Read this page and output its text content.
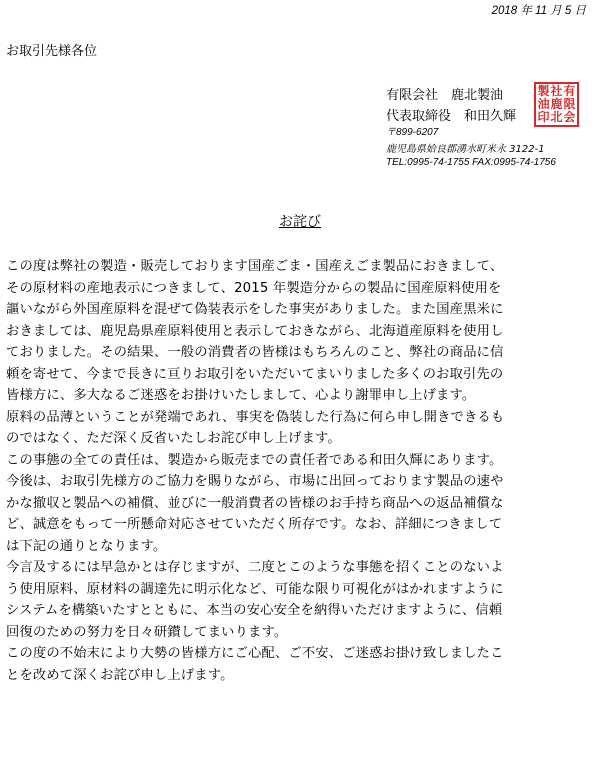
2018 年 11 月 5 日
お取引先様各位
有限会社　鹿北製油
代表取締役　和田久輝
〒899-6207
鹿児島県姶良郡湧水町米永 3122-1
TEL:0995-74-1755 FAX:0995-74-1756
製
油
印
社
鹿
北
有
限
会
お詫び
この度は弊社の製造・販売しております国産ごま・国産えごま製品におきまして、
その原材料の産地表示につきまして、2015 年製造分からの製品に国産原料使用を
謳いながら外国産原料を混ぜて偽装表示をした事実がありました。また国産黒米に
おきましては、鹿児島県産原料使用と表示しておきながら、北海道産原料を使用し
ておりました。その結果、一般の消費者の皆様はもちろんのこと、弊社の商品に信
頼を寄せて、今まで長きに亘りお取引をいただいてまいりました多くのお取引先の
皆様方に、多大なるご迷惑をお掛けいたしまして、心より謝罪申し上げます。
原料の品薄ということが発端であれ、事実を偽装した行為に何ら申し開きできるも
のではなく、ただ深く反省いたしお詫び申し上げます。
この事態の全ての責任は、製造から販売までの責任者である和田久輝にあります。
今後は、お取引先様方のご協力を賜りながら、市場に出回っております製品の速や
かな撤収と製品への補償、並びに一般消費者の皆様のお手持ち商品への返品補償な
ど、誠意をもって一所懸命対応させていただく所存です。なお、詳細につきまして
は下記の通りとなります。
今言及するには早急かとは存じますが、二度とこのような事態を招くことのないよ
う使用原料、原材料の調達先に明示化など、可能な限り可視化がはかれますように
システムを構築いたすとともに、本当の安心安全を納得いただけますように、信頼
回復のための努力を日々研鑚してまいります。
この度の不始末により大勢の皆様方にご心配、ご不安、ご迷惑お掛け致しましたこ
とを改めて深くお詫び申し上げます。
